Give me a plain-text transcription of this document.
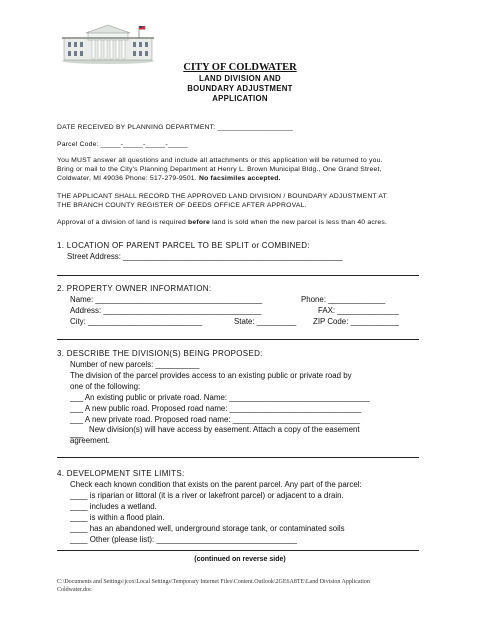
CITY OF COLDWATER
LAND DIVISION AND
BOUNDARY ADJUSTMENT
APPLICATION
DATE RECEIVED BY PLANNING DEPARTMENT: ___________________
Parcel Code: _____-_____-_____-_____
You MUST answer all questions and include all attachments or this application will be returned to you.
Bring or mail to the City's Planning Department at Henry L. Brown Municipal Bldg., One Grand Street,
Coldwater, MI 49036 Phone: 517-279-9501. No facsimiles accepted.
THE APPLICANT SHALL RECORD THE APPROVED LAND DIVISION / BOUNDARY ADJUSTMENT AT
THE BRANCH COUNTY REGISTER OF DEEDS OFFICE AFTER APPROVAL.
Approval of a division of land is required before land is sold when the new parcel is less than 40 acres.
1. LOCATION OF PARENT PARCEL TO BE SPLIT or COMBINED:
Street Address: __________________________________________________
2. PROPERTY OWNER INFORMATION:
Name: ______________________________________	Phone: _____________
Address: ____________________________________	FAX: ______________
City: __________________________	State: _________ ZIP Code: ___________
3. DESCRIBE THE DIVISION(S) BEING PROPOSED:
Number of new parcels: __________
The division of the parcel provides access to an existing public or private road by
one of the following:
___ An existing public or private road. Name: ________________________________
___ A new public road. Proposed road name: ______________________________
___ A new private road. Proposed road name: _____________________________
___ New division(s) will have access by easement. Attach a copy of the easement
agreement.
4. DEVELOPMENT SITE LIMITS:
Check each known condition that exists on the parent parcel. Any part of the parcel:
____ is riparian or littoral (it is a river or lakefront parcel) or adjacent to a drain.
____ includes a wetland.
____ is within a flood plain.
____ has an abandoned well, underground storage tank, or contaminated soils
____ Other (please list): ________________________________
(continued on reverse side)
C:\Documents and Settings\jcox\Local Settings\Temporary Internet Files\Content.Outlook\2GE6A8TE\Land Division Application
Coldwater.doc
